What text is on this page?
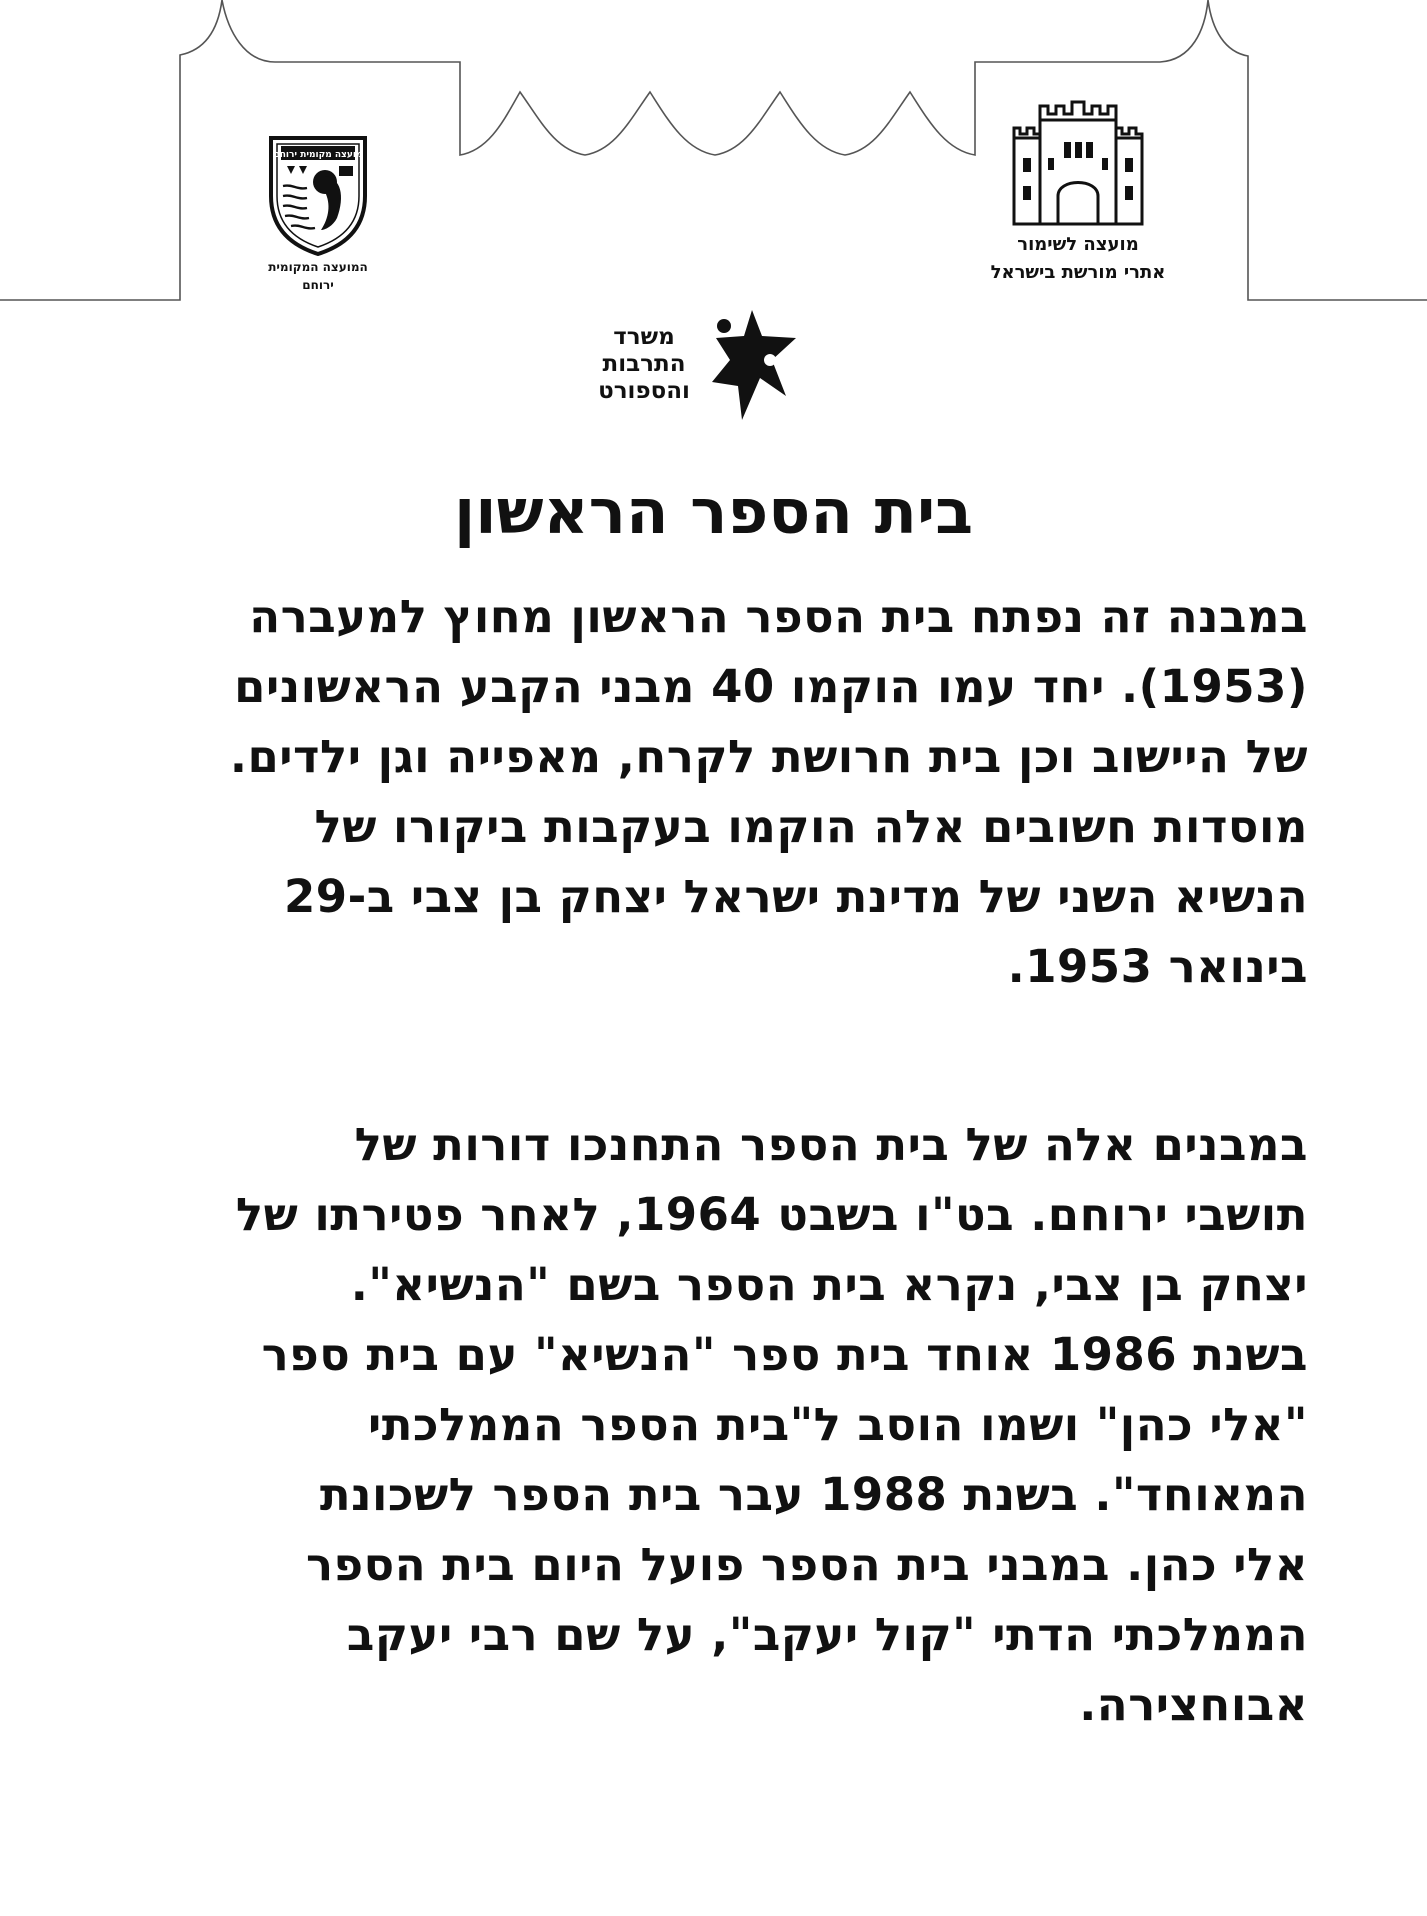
מועצה לשימור
אתרי מורשת בישראל
מועצה מקומית ירוחם
המועצה המקומית
ירוחם
משרד
התרבות
והספורט
בית הספר הראשון
במבנה זה נפתח בית הספר הראשון מחוץ למעברה
(1953). יחד עמו הוקמו 40 מבני הקבע הראשונים
של היישוב וכן בית חרושת לקרח, מאפייה וגן ילדים.
מוסדות חשובים אלה הוקמו בעקבות ביקורו של
הנשיא השני של מדינת ישראל יצחק בן צבי ב-29
בינואר 1953.
במבנים אלה של בית הספר התחנכו דורות של
תושבי ירוחם. בט"ו בשבט 1964, לאחר פטירתו של
יצחק בן צבי, נקרא בית הספר בשם "הנשיא".
בשנת 1986 אוחד בית ספר "הנשיא" עם בית ספר
"אלי כהן" ושמו הוסב ל"בית הספר הממלכתי
המאוחד". בשנת 1988 עבר בית הספר לשכונת
אלי כהן. במבני בית הספר פועל היום בית הספר
הממלכתי הדתי "קול יעקב", על שם רבי יעקב
אבוחצירה.
